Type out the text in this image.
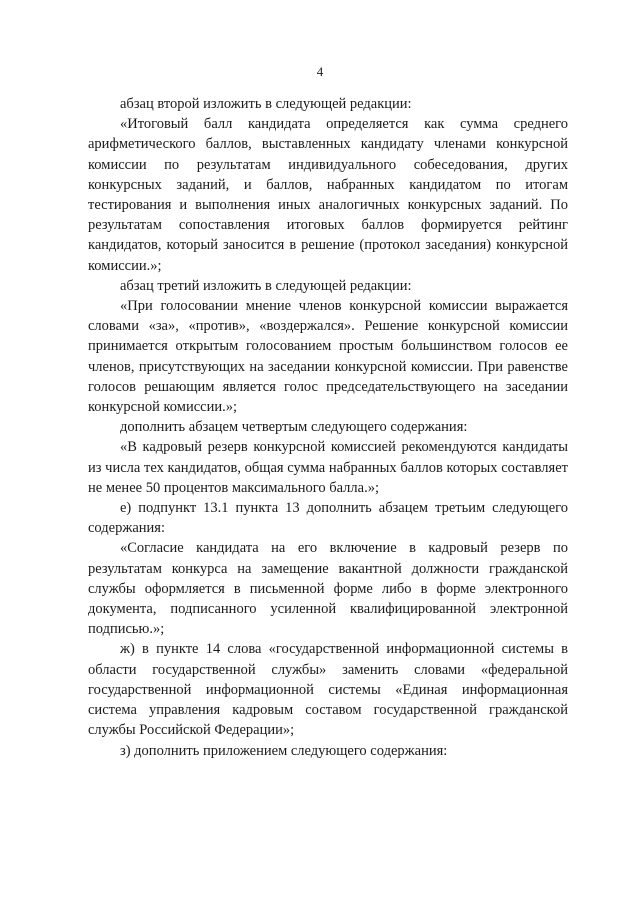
4

абзац второй изложить в следующей редакции:

«Итоговый балл кандидата определяется как сумма среднего арифметического баллов, выставленных кандидату членами конкурсной комиссии по результатам индивидуального собеседования, других конкурсных заданий, и баллов, набранных кандидатом по итогам тестирования и выполнения иных аналогичных конкурсных заданий. По результатам сопоставления итоговых баллов формируется рейтинг кандидатов, который заносится в решение (протокол заседания) конкурсной комиссии.»;

абзац третий изложить в следующей редакции:

«При голосовании мнение членов конкурсной комиссии выражается словами «за», «против», «воздержался». Решение конкурсной комиссии принимается открытым голосованием простым большинством голосов ее членов, присутствующих на заседании конкурсной комиссии. При равенстве голосов решающим является голос председательствующего на заседании конкурсной комиссии.»;

дополнить абзацем четвертым следующего содержания:

«В кадровый резерв конкурсной комиссией рекомендуются кандидаты из числа тех кандидатов, общая сумма набранных баллов которых составляет не менее 50 процентов максимального балла.»;

е) подпункт 13.1 пункта 13 дополнить абзацем третьим следующего содержания:

«Согласие кандидата на его включение в кадровый резерв по результатам конкурса на замещение вакантной должности гражданской службы оформляется в письменной форме либо в форме электронного документа, подписанного усиленной квалифицированной электронной подписью.»;

ж) в пункте 14 слова «государственной информационной системы в области государственной службы» заменить словами «федеральной государственной информационной системы «Единая информационная система управления кадровым составом государственной гражданской службы Российской Федерации»;

з) дополнить приложением следующего содержания:
